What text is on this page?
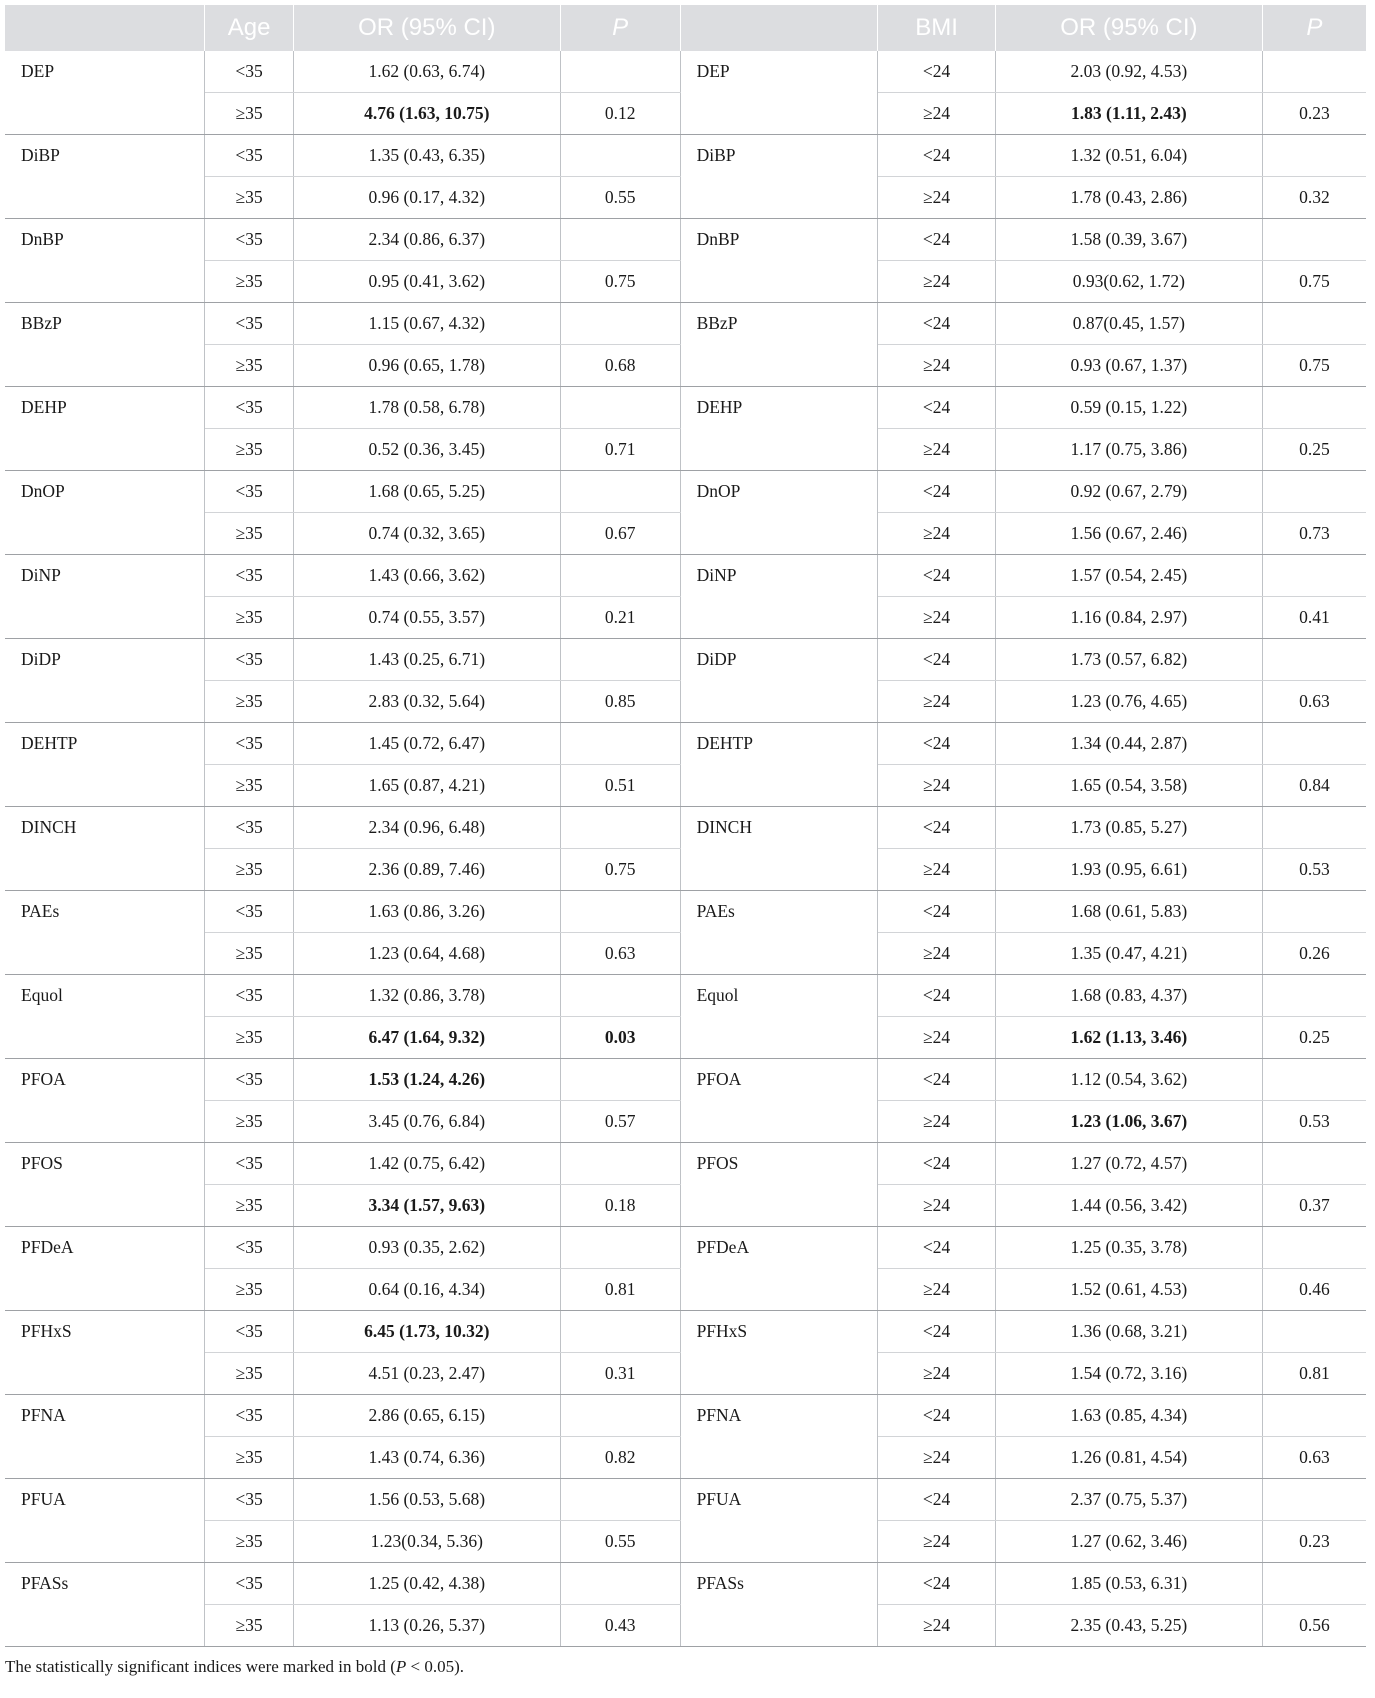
	Age	OR (95% CI)	P		BMI	OR (95% CI)	P
DEP	<35	1.62 (0.63, 6.74)		DEP	<24	2.03 (0.92, 4.53)	
	≥35	4.76 (1.63, 10.75)	0.12		≥24	1.83 (1.11, 2.43)	0.23
DiBP	<35	1.35 (0.43, 6.35)		DiBP	<24	1.32 (0.51, 6.04)	
	≥35	0.96 (0.17, 4.32)	0.55		≥24	1.78 (0.43, 2.86)	0.32
DnBP	<35	2.34 (0.86, 6.37)		DnBP	<24	1.58 (0.39, 3.67)	
	≥35	0.95 (0.41, 3.62)	0.75		≥24	0.93(0.62, 1.72)	0.75
BBzP	<35	1.15 (0.67, 4.32)		BBzP	<24	0.87(0.45, 1.57)	
	≥35	0.96 (0.65, 1.78)	0.68		≥24	0.93 (0.67, 1.37)	0.75
DEHP	<35	1.78 (0.58, 6.78)		DEHP	<24	0.59 (0.15, 1.22)	
	≥35	0.52 (0.36, 3.45)	0.71		≥24	1.17 (0.75, 3.86)	0.25
DnOP	<35	1.68 (0.65, 5.25)		DnOP	<24	0.92 (0.67, 2.79)	
	≥35	0.74 (0.32, 3.65)	0.67		≥24	1.56 (0.67, 2.46)	0.73
DiNP	<35	1.43 (0.66, 3.62)		DiNP	<24	1.57 (0.54, 2.45)	
	≥35	0.74 (0.55, 3.57)	0.21		≥24	1.16 (0.84, 2.97)	0.41
DiDP	<35	1.43 (0.25, 6.71)		DiDP	<24	1.73 (0.57, 6.82)	
	≥35	2.83 (0.32, 5.64)	0.85		≥24	1.23 (0.76, 4.65)	0.63
DEHTP	<35	1.45 (0.72, 6.47)		DEHTP	<24	1.34 (0.44, 2.87)	
	≥35	1.65 (0.87, 4.21)	0.51		≥24	1.65 (0.54, 3.58)	0.84
DINCH	<35	2.34 (0.96, 6.48)		DINCH	<24	1.73 (0.85, 5.27)	
	≥35	2.36 (0.89, 7.46)	0.75		≥24	1.93 (0.95, 6.61)	0.53
PAEs	<35	1.63 (0.86, 3.26)		PAEs	<24	1.68 (0.61, 5.83)	
	≥35	1.23 (0.64, 4.68)	0.63		≥24	1.35 (0.47, 4.21)	0.26
Equol	<35	1.32 (0.86, 3.78)		Equol	<24	1.68 (0.83, 4.37)	
	≥35	6.47 (1.64, 9.32)	0.03		≥24	1.62 (1.13, 3.46)	0.25
PFOA	<35	1.53 (1.24, 4.26)		PFOA	<24	1.12 (0.54, 3.62)	
	≥35	3.45 (0.76, 6.84)	0.57		≥24	1.23 (1.06, 3.67)	0.53
PFOS	<35	1.42 (0.75, 6.42)		PFOS	<24	1.27 (0.72, 4.57)	
	≥35	3.34 (1.57, 9.63)	0.18		≥24	1.44 (0.56, 3.42)	0.37
PFDeA	<35	0.93 (0.35, 2.62)		PFDeA	<24	1.25 (0.35, 3.78)	
	≥35	0.64 (0.16, 4.34)	0.81		≥24	1.52 (0.61, 4.53)	0.46
PFHxS	<35	6.45 (1.73, 10.32)		PFHxS	<24	1.36 (0.68, 3.21)	
	≥35	4.51 (0.23, 2.47)	0.31		≥24	1.54 (0.72, 3.16)	0.81
PFNA	<35	2.86 (0.65, 6.15)		PFNA	<24	1.63 (0.85, 4.34)	
	≥35	1.43 (0.74, 6.36)	0.82		≥24	1.26 (0.81, 4.54)	0.63
PFUA	<35	1.56 (0.53, 5.68)		PFUA	<24	2.37 (0.75, 5.37)	
	≥35	1.23(0.34, 5.36)	0.55		≥24	1.27 (0.62, 3.46)	0.23
PFASs	<35	1.25 (0.42, 4.38)		PFASs	<24	1.85 (0.53, 6.31)	
	≥35	1.13 (0.26, 5.37)	0.43		≥24	2.35 (0.43, 5.25)	0.56
The statistically significant indices were marked in bold (P < 0.05).
